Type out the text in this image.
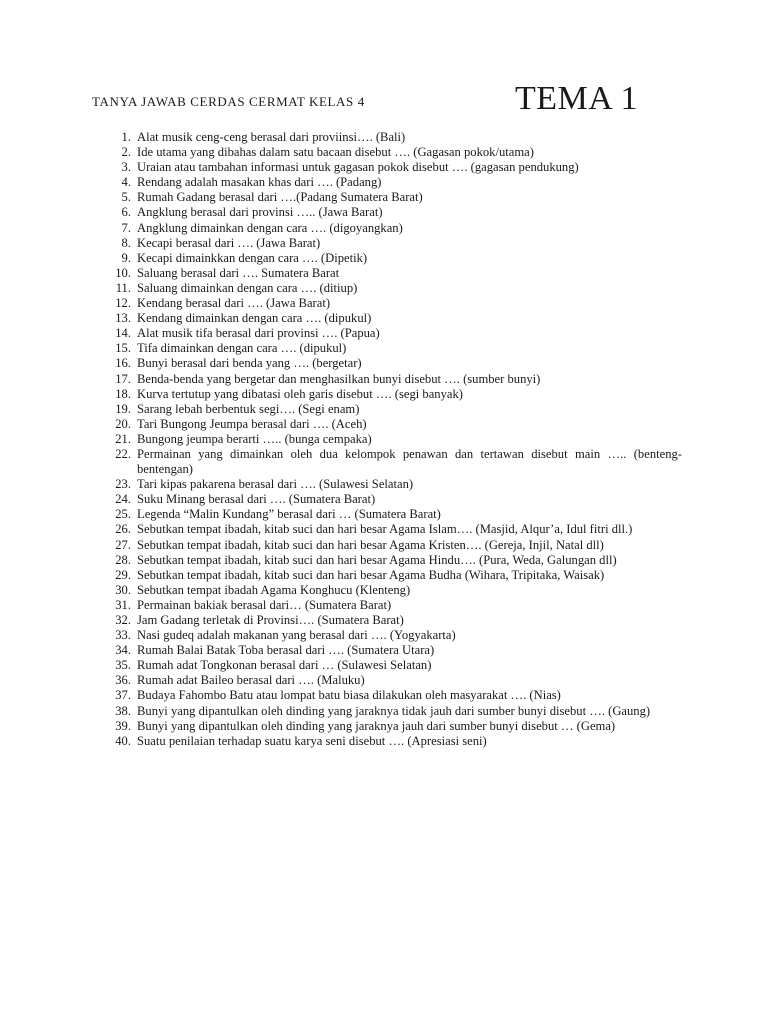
TANYA JAWAB CERDAS CERMAT KELAS 4	TEMA 1
1. Alat musik ceng-ceng berasal dari proviinsi…. (Bali)
2. Ide utama yang dibahas dalam satu bacaan disebut …. (Gagasan pokok/utama)
3. Uraian atau tambahan informasi untuk gagasan pokok disebut …. (gagasan pendukung)
4. Rendang adalah masakan khas dari …. (Padang)
5. Rumah Gadang berasal dari ….(Padang Sumatera Barat)
6. Angklung berasal dari provinsi ….. (Jawa Barat)
7. Angklung dimainkan dengan cara …. (digoyangkan)
8. Kecapi berasal dari …. (Jawa Barat)
9. Kecapi dimainkkan dengan cara …. (Dipetik)
10. Saluang berasal dari …. Sumatera Barat
11. Saluang dimainkan dengan cara …. (ditiup)
12. Kendang berasal dari …. (Jawa Barat)
13. Kendang dimainkan dengan cara …. (dipukul)
14. Alat musik tifa berasal dari provinsi …. (Papua)
15. Tifa dimainkan dengan cara …. (dipukul)
16. Bunyi berasal dari benda yang …. (bergetar)
17. Benda-benda yang bergetar dan menghasilkan bunyi disebut …. (sumber bunyi)
18. Kurva tertutup yang dibatasi oleh garis disebut …. (segi banyak)
19. Sarang lebah berbentuk segi…. (Segi enam)
20. Tari Bungong Jeumpa berasal dari …. (Aceh)
21. Bungong jeumpa berarti ….. (bunga cempaka)
22. Permainan yang dimainkan oleh dua kelompok penawan dan tertawan disebut main ….. (benteng-bentengan)
23. Tari kipas pakarena berasal dari …. (Sulawesi Selatan)
24. Suku Minang berasal dari …. (Sumatera Barat)
25. Legenda “Malin Kundang” berasal dari … (Sumatera Barat)
26. Sebutkan tempat ibadah, kitab suci dan hari besar Agama Islam…. (Masjid, Alqur’a, Idul fitri dll.)
27. Sebutkan tempat ibadah, kitab suci dan hari besar Agama Kristen…. (Gereja, Injil, Natal dll)
28. Sebutkan tempat ibadah, kitab suci dan hari besar Agama Hindu…. (Pura, Weda, Galungan dll)
29. Sebutkan tempat ibadah, kitab suci dan hari besar Agama Budha (Wihara, Tripitaka, Waisak)
30. Sebutkan tempat ibadah Agama Konghucu (Klenteng)
31. Permainan bakiak berasal dari… (Sumatera Barat)
32. Jam Gadang terletak di Provinsi…. (Sumatera Barat)
33. Nasi gudeq adalah makanan yang berasal dari …. (Yogyakarta)
34. Rumah Balai Batak Toba berasal dari …. (Sumatera Utara)
35. Rumah adat Tongkonan berasal dari … (Sulawesi Selatan)
36. Rumah adat Baileo berasal dari …. (Maluku)
37. Budaya Fahombo Batu atau lompat batu biasa dilakukan oleh masyarakat …. (Nias)
38. Bunyi yang dipantulkan oleh dinding yang jaraknya tidak jauh dari sumber bunyi disebut …. (Gaung)
39. Bunyi yang dipantulkan oleh dinding yang jaraknya jauh dari sumber bunyi disebut … (Gema)
40. Suatu penilaian terhadap suatu karya seni disebut …. (Apresiasi seni)
